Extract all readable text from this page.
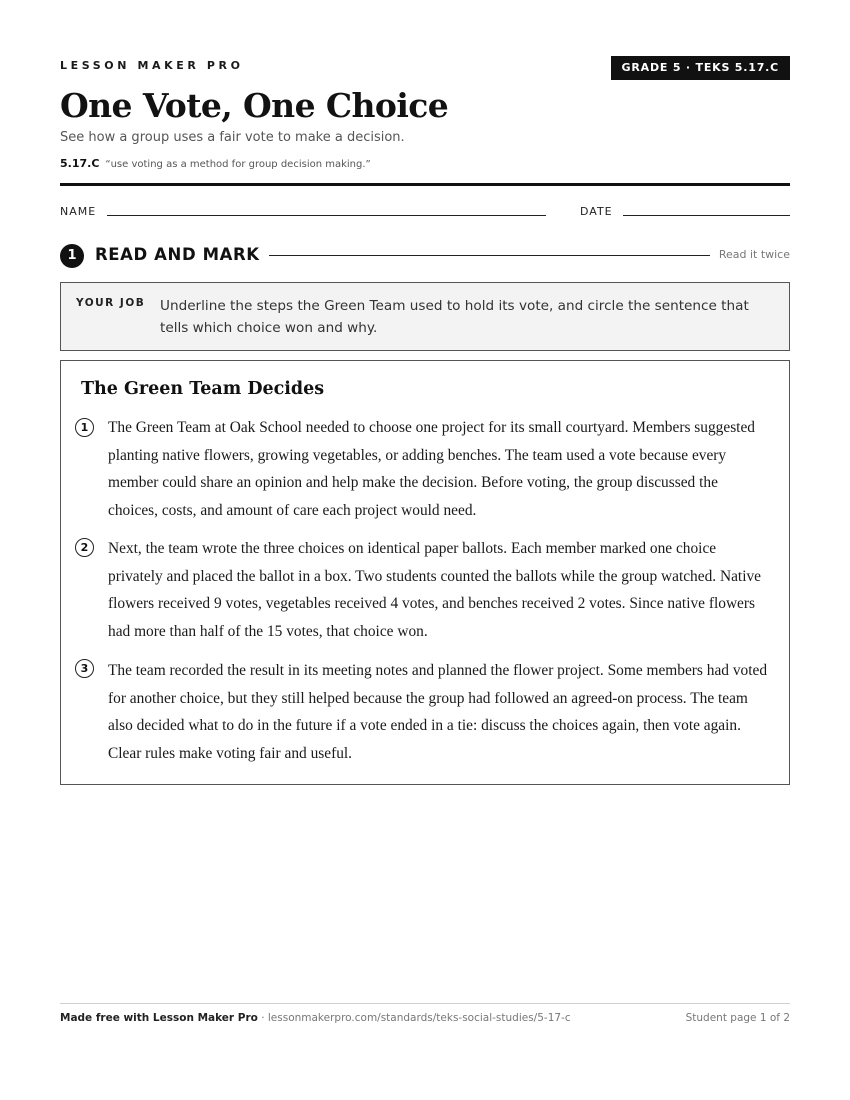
LESSON MAKER PRO	GRADE 5 · TEKS 5.17.C
One Vote, One Choice
See how a group uses a fair vote to make a decision.
5.17.C “use voting as a method for group decision making.”
NAME	DATE
1	READ AND MARK	Read it twice
YOUR JOB Underline the steps the Green Team used to hold its vote, and circle the sentence that tells which choice won and why.
The Green Team Decides
1	The Green Team at Oak School needed to choose one project for its small courtyard. Members suggested planting native flowers, growing vegetables, or adding benches. The team used a vote because every member could share an opinion and help make the decision. Before voting, the group discussed the choices, costs, and amount of care each project would need.
2	Next, the team wrote the three choices on identical paper ballots. Each member marked one choice privately and placed the ballot in a box. Two students counted the ballots while the group watched. Native flowers received 9 votes, vegetables received 4 votes, and benches received 2 votes. Since native flowers had more than half of the 15 votes, that choice won.
3	The team recorded the result in its meeting notes and planned the flower project. Some members had voted for another choice, but they still helped because the group had followed an agreed-on process. The team also decided what to do in the future if a vote ended in a tie: discuss the choices again, then vote again. Clear rules make voting fair and useful.
Made free with Lesson Maker Pro · lessonmakerpro.com/standards/teks-social-studies/5-17-c	Student page 1 of 2
